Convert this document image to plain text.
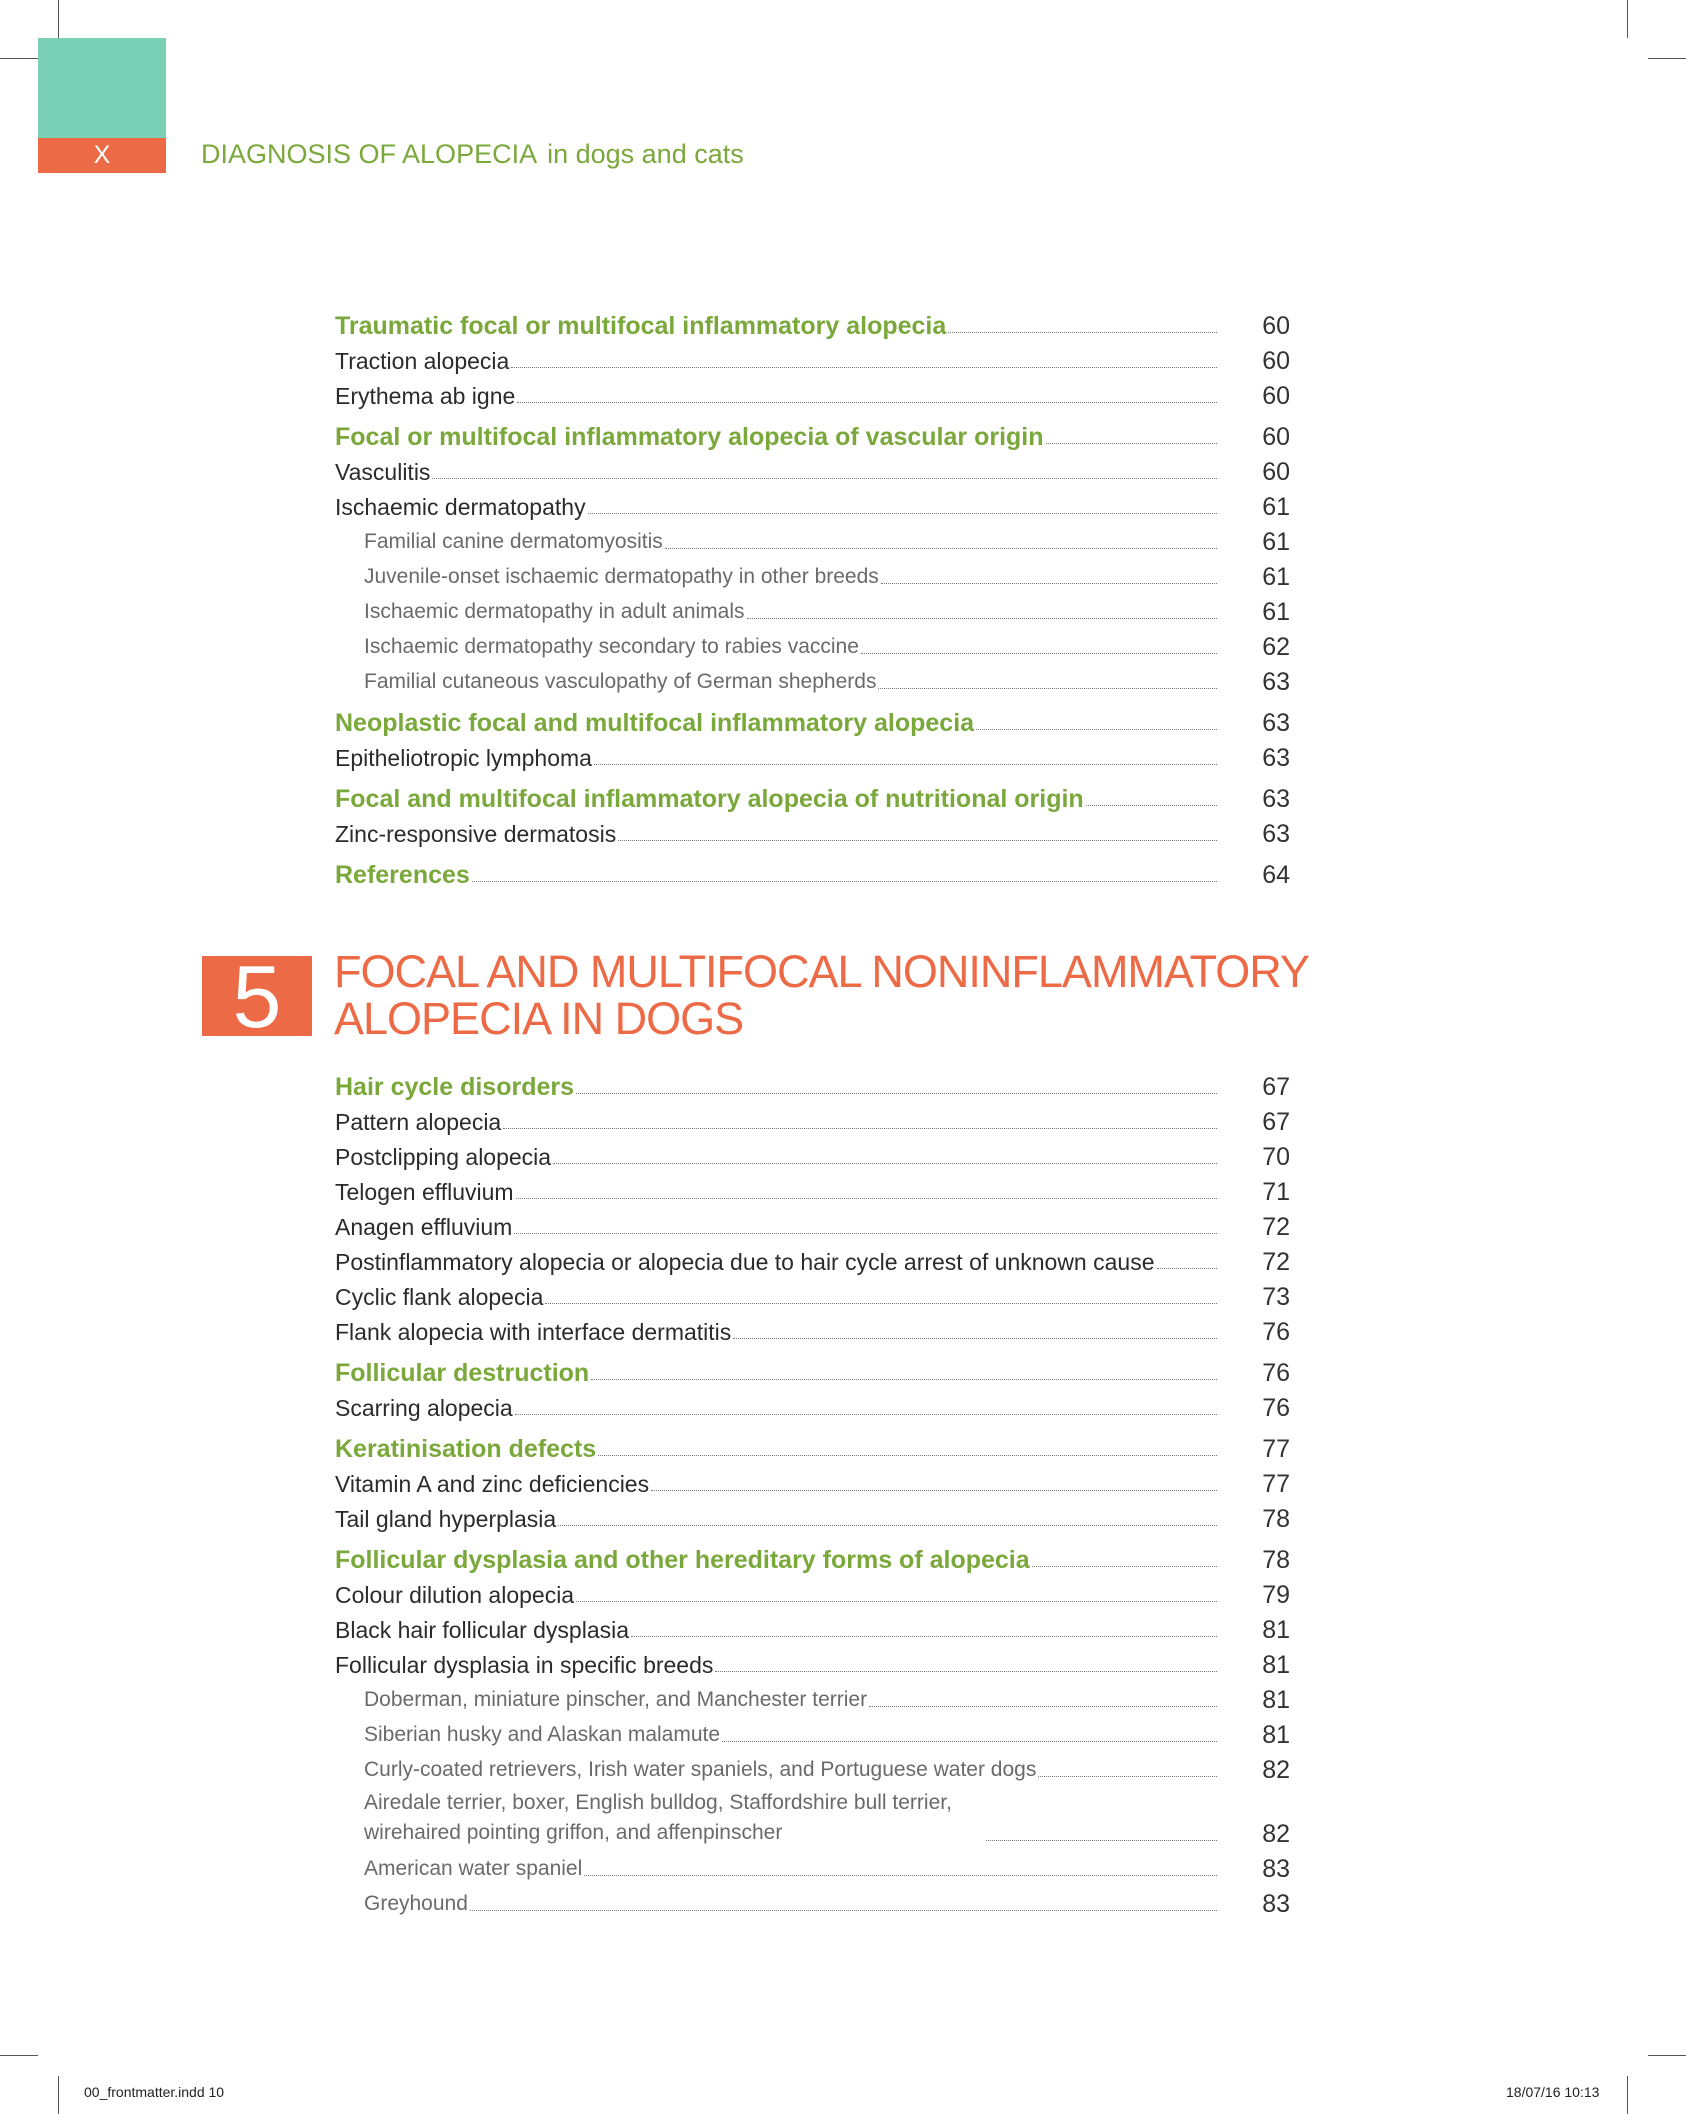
X	DIAGNOSIS OF ALOPECIA in dogs and cats
Traumatic focal or multifocal inflammatory alopecia	60
Traction alopecia	60
Erythema ab igne	60
Focal or multifocal inflammatory alopecia of vascular origin	60
Vasculitis	60
Ischaemic dermatopathy	61
Familial canine dermatomyositis	61
Juvenile-onset ischaemic dermatopathy in other breeds	61
Ischaemic dermatopathy in adult animals	61
Ischaemic dermatopathy secondary to rabies vaccine	62
Familial cutaneous vasculopathy of German shepherds	63
Neoplastic focal and multifocal inflammatory alopecia	63
Epitheliotropic lymphoma	63
Focal and multifocal inflammatory alopecia of nutritional origin	63
Zinc-responsive dermatosis	63
References	64
5	FOCAL AND MULTIFOCAL NONINFLAMMATORY
ALOPECIA IN DOGS
Hair cycle disorders	67
Pattern alopecia	67
Postclipping alopecia	70
Telogen effluvium	71
Anagen effluvium	72
Postinflammatory alopecia or alopecia due to hair cycle arrest of unknown cause	72
Cyclic flank alopecia	73
Flank alopecia with interface dermatitis	76
Follicular destruction	76
Scarring alopecia	76
Keratinisation defects	77
Vitamin A and zinc deficiencies	77
Tail gland hyperplasia	78
Follicular dysplasia and other hereditary forms of alopecia	78
Colour dilution alopecia	79
Black hair follicular dysplasia	81
Follicular dysplasia in specific breeds	81
Doberman, miniature pinscher, and Manchester terrier	81
Siberian husky and Alaskan malamute	81
Curly-coated retrievers, Irish water spaniels, and Portuguese water dogs	82
Airedale terrier, boxer, English bulldog, Staffordshire bull terrier, wirehaired pointing griffon, and affenpinscher	82
American water spaniel	83
Greyhound	83
00_frontmatter.indd 10	18/07/16 10:13
